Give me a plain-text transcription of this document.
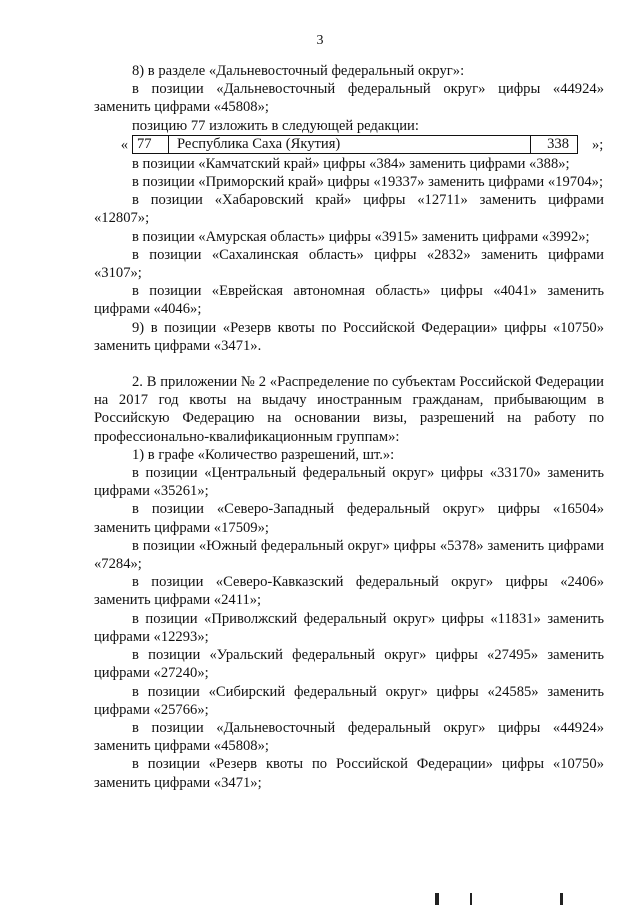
3

8) в разделе «Дальневосточный федеральный округ»:

в позиции «Дальневосточный федеральный округ» цифры «44924» заменить цифрами «45808»;

позицию 77 изложить в следующей редакции:

« 77	Республика Саха (Якутия)	338	»;

в позиции «Камчатский край» цифры «384» заменить цифрами «388»;

в позиции «Приморский край» цифры «19337» заменить цифрами «19704»;

в позиции «Хабаровский край» цифры «12711» заменить цифрами «12807»;

в позиции «Амурская область» цифры «3915» заменить цифрами «3992»;

в позиции «Сахалинская область» цифры «2832» заменить цифрами «3107»;

в позиции «Еврейская автономная область» цифры «4041» заменить цифрами «4046»;

9) в позиции «Резерв квоты по Российской Федерации» цифры «10750» заменить цифрами «3471».

2. В приложении № 2 «Распределение по субъектам Российской Федерации на 2017 год квоты на выдачу иностранным гражданам, прибывающим в Российскую Федерацию на основании визы, разрешений на работу по профессионально-квалификационным группам»:

1) в графе «Количество разрешений, шт.»:

в позиции «Центральный федеральный округ» цифры «33170» заменить цифрами «35261»;

в позиции «Северо-Западный федеральный округ» цифры «16504» заменить цифрами «17509»;

в позиции «Южный федеральный округ» цифры «5378» заменить цифрами «7284»;

в позиции «Северо-Кавказский федеральный округ» цифры «2406» заменить цифрами «2411»;

в позиции «Приволжский федеральный округ» цифры «11831» заменить цифрами «12293»;

в позиции «Уральский федеральный округ» цифры «27495» заменить цифрами «27240»;

в позиции «Сибирский федеральный округ» цифры «24585» заменить цифрами «25766»;

в позиции «Дальневосточный федеральный округ» цифры «44924» заменить цифрами «45808»;

в позиции «Резерв квоты по Российской Федерации» цифры «10750» заменить цифрами «3471»;
